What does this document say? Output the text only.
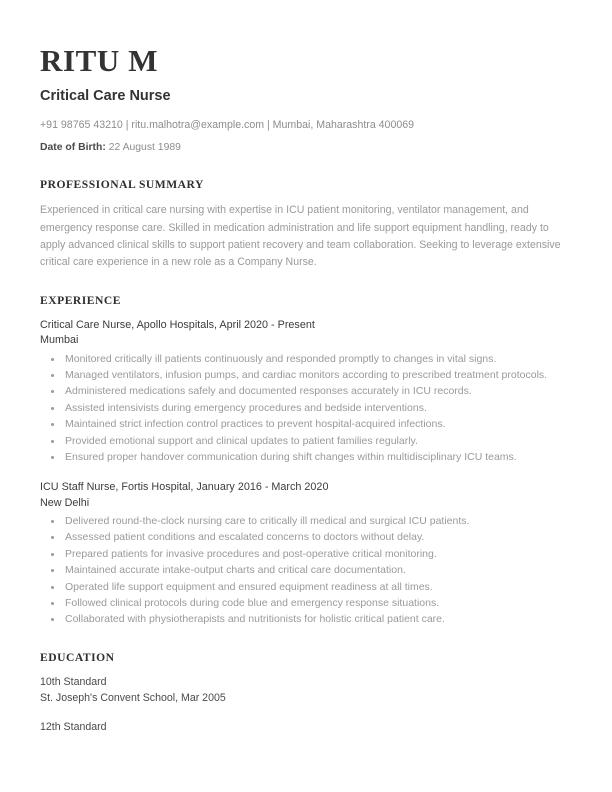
RITU M
Critical Care Nurse
+91 98765 43210 | ritu.malhotra@example.com | Mumbai, Maharashtra 400069
Date of Birth: 22 August 1989
PROFESSIONAL SUMMARY

Experienced in critical care nursing with expertise in ICU patient monitoring, ventilator management, and emergency response care. Skilled in medication administration and life support equipment handling, ready to apply advanced clinical skills to support patient recovery and team collaboration. Seeking to leverage extensive critical care experience in a new role as a Company Nurse.

EXPERIENCE
Critical Care Nurse, Apollo Hospitals, April 2020 - Present
Mumbai
Monitored critically ill patients continuously and responded promptly to changes in vital signs.
Managed ventilators, infusion pumps, and cardiac monitors according to prescribed treatment protocols.
Administered medications safely and documented responses accurately in ICU records.
Assisted intensivists during emergency procedures and bedside interventions.
Maintained strict infection control practices to prevent hospital-acquired infections.
Provided emotional support and clinical updates to patient families regularly.
Ensured proper handover communication during shift changes within multidisciplinary ICU teams.
ICU Staff Nurse, Fortis Hospital, January 2016 - March 2020
New Delhi
Delivered round-the-clock nursing care to critically ill medical and surgical ICU patients.
Assessed patient conditions and escalated concerns to doctors without delay.
Prepared patients for invasive procedures and post-operative critical monitoring.
Maintained accurate intake-output charts and critical care documentation.
Operated life support equipment and ensured equipment readiness at all times.
Followed clinical protocols during code blue and emergency response situations.
Collaborated with physiotherapists and nutritionists for holistic critical patient care.
EDUCATION
10th Standard
St. Joseph's Convent School, Mar 2005
12th Standard
